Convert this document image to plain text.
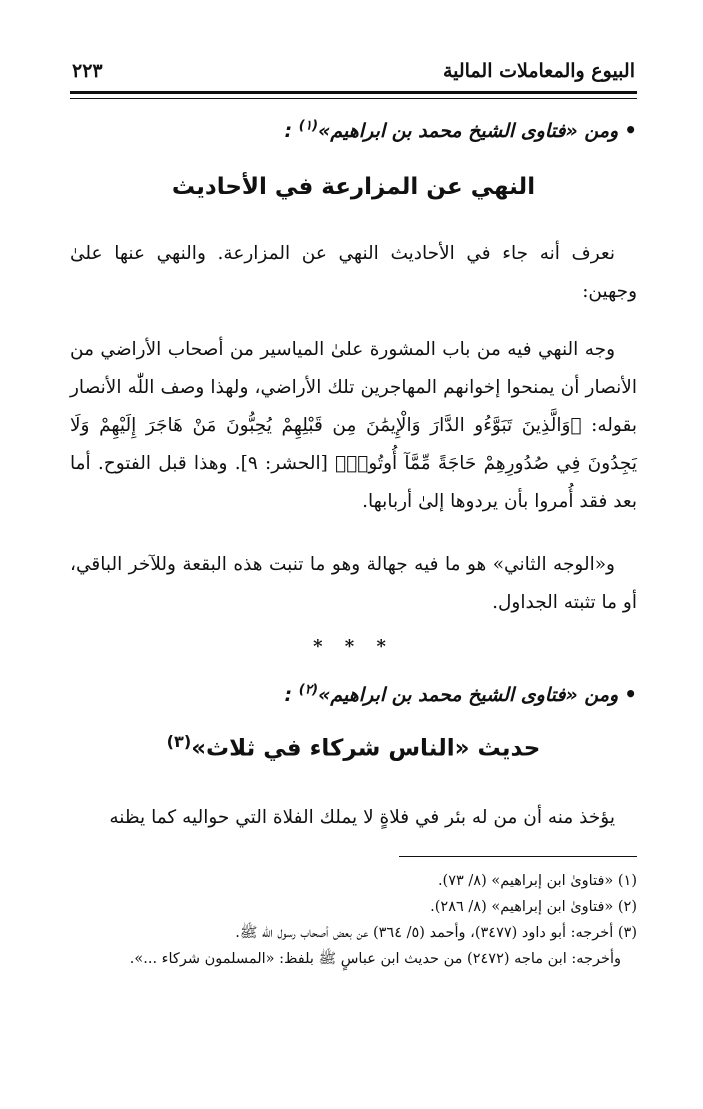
البيوع والمعاملات المالية
٢٢٣
•ومن «فتاوى الشيخ محمد بن ابراهيم»$^{(١)}$ :
النهي عن المزارعة في الأحاديث
نعرف أنه جاء في الأحاديث النهي عن المزارعة. والنهي عنها علىٰ وجهين:
وجه النهي فيه من باب المشورة علىٰ المياسير من أصحاب الأراضي من الأنصار أن يمنحوا إخوانهم المهاجرين تلك الأراضي، ولهذا وصف اللّٰه الأنصار بقوله: ﴿وَالَّذِينَ تَبَوَّءُو الدَّارَ وَالْإِيمَٰنَ مِن قَبْلِهِمْ يُحِبُّونَ مَنْ هَاجَرَ إِلَيْهِمْ وَلَا يَجِدُونَ فِي صُدُورِهِمْ حَاجَةً مِّمَّآ أُوتُوا۟﴾ [الحشر: ٩]. وهذا قبل الفتوح. أما بعد فقد أُمروا بأن يردوها إلىٰ أربابها.
و«الوجه الثاني» هو ما فيه جهالة وهو ما تنبت هذه البقعة وللآخر الباقي، أو ما تثبته الجداول.
* * *
•ومن «فتاوى الشيخ محمد بن ابراهيم»$^{(٢)}$ :
حديث «الناس شركاء في ثلاث»$^{(٣)}$
يؤخذ منه أن من له بئر في فلاةٍ لا يملك الفلاة التي حواليه كما يظنه
(١) «فتاوىٰ ابن إبراهيم» (٨/ ٧٣).
(٢) «فتاوىٰ ابن إبراهيم» (٨/ ٢٨٦).
(٣) أخرجه: أبو داود (٣٤٧٧)، وأحمد (٥/ ٣٦٤) عن بعض أصحاب رسول اللّٰه ﷺ.
وأخرجه: ابن ماجه (٢٤٧٢) من حديث ابن عباسٍ ﷺ بلفظ: «المسلمون شركاء ...».
